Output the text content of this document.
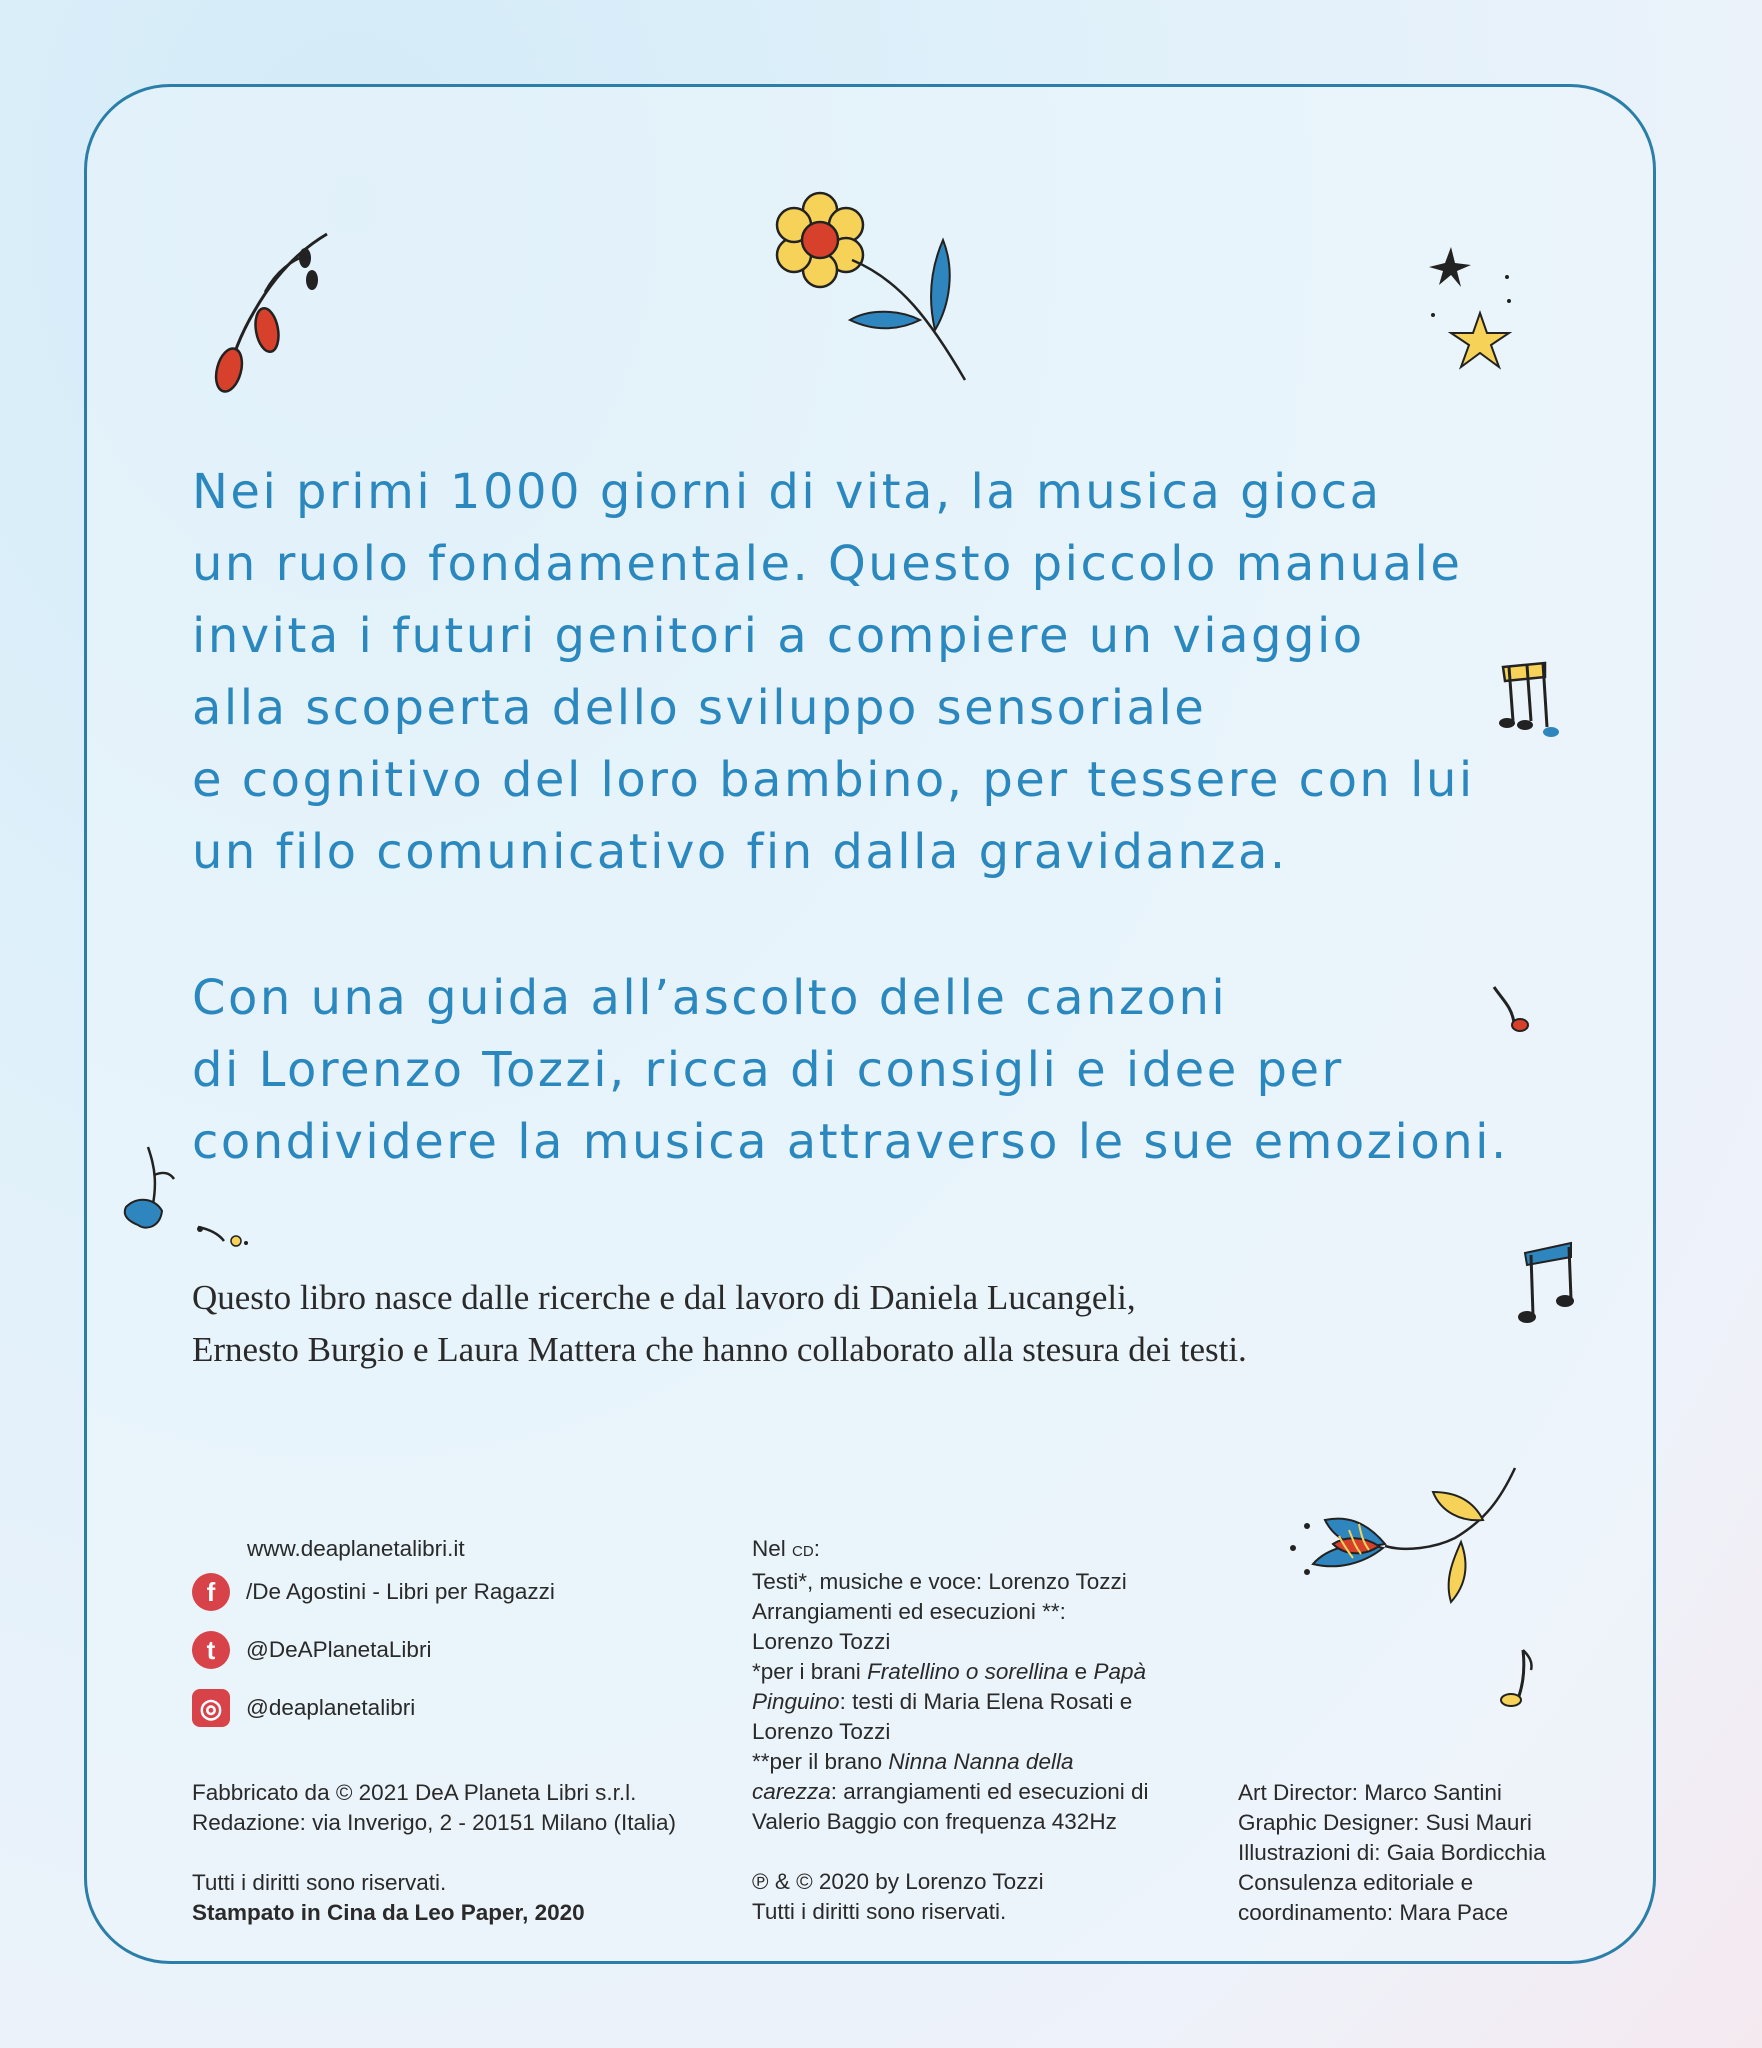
Nei primi 1000 giorni di vita, la musica gioca

un ruolo fondamentale. Questo piccolo manuale

invita i futuri genitori a compiere un viaggio

alla scoperta dello sviluppo sensoriale

e cognitivo del loro bambino, per tessere con lui

un filo comunicativo fin dalla gravidanza.

Con una guida all’ascolto delle canzoni

di Lorenzo Tozzi, ricca di consigli e idee per

condividere la musica attraverso le sue emozioni.

Questo libro nasce dalle ricerche e dal lavoro di Daniela Lucangeli,

Ernesto Burgio e Laura Mattera che hanno collaborato alla stesura dei testi.

www.deaplanetalibri.it

f	/De Agostini - Libri per Ragazzi
t	@DeAPlanetaLibri
◎	@deaplanetalibri

Fabbricato da © 2021 DeA Planeta Libri s.r.l.

Redazione: via Inverigo, 2 - 20151 Milano (Italia)

Tutti i diritti sono riservati.

Stampato in Cina da Leo Paper, 2020

Nel CD:

Testi*, musiche e voce: Lorenzo Tozzi

Arrangiamenti ed esecuzioni **:

Lorenzo Tozzi

*per i brani Fratellino o sorellina e Papà

Pinguino: testi di Maria Elena Rosati e

Lorenzo Tozzi

**per il brano Ninna Nanna della

carezza: arrangiamenti ed esecuzioni di

Valerio Baggio con frequenza 432Hz

℗ & © 2020 by Lorenzo Tozzi

Tutti i diritti sono riservati.

Art Director: Marco Santini

Graphic Designer: Susi Mauri

Illustrazioni di: Gaia Bordicchia

Consulenza editoriale e

coordinamento: Mara Pace
